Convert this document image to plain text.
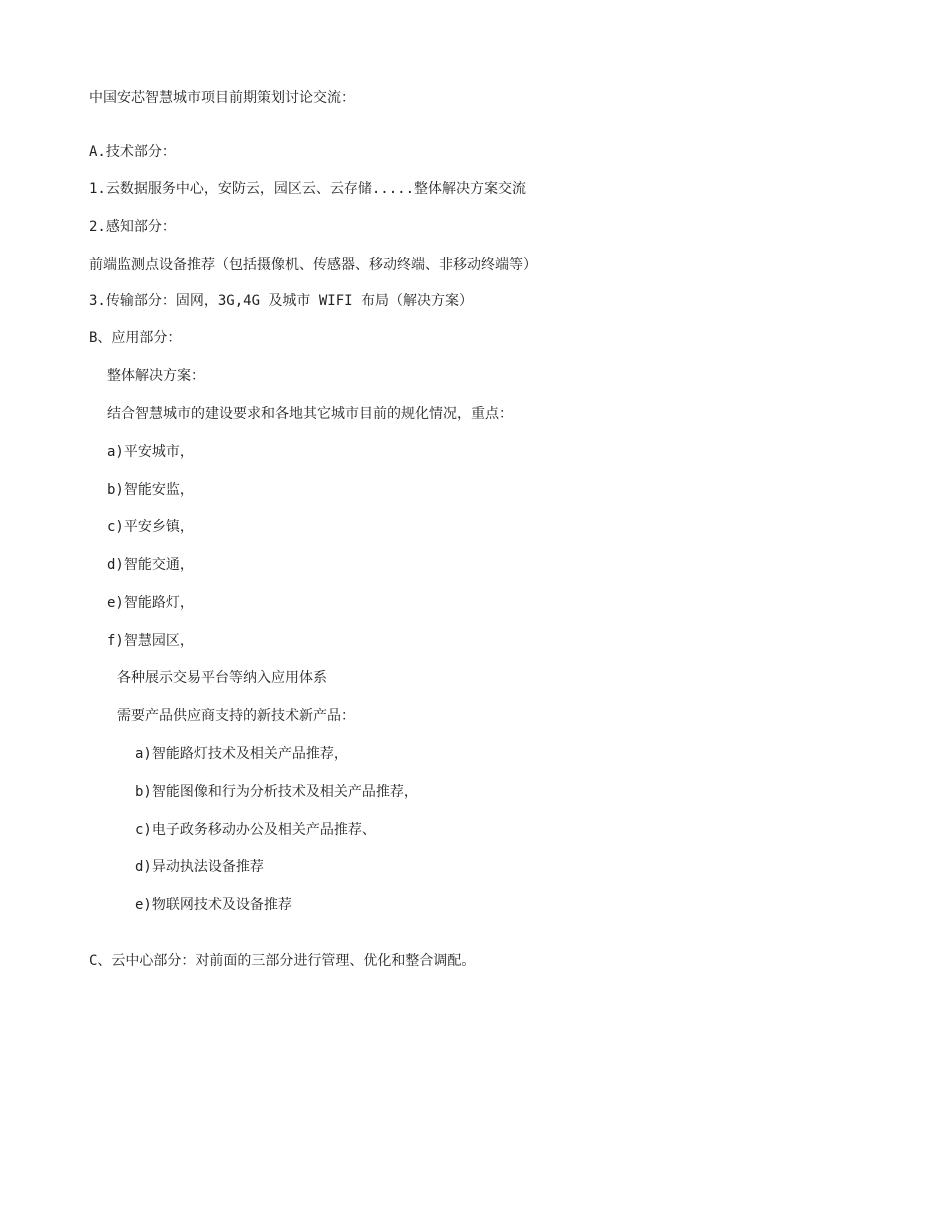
中国安芯智慧城市项目前期策划讨论交流：
A.技术部分：
1.云数据服务中心，安防云，园区云、云存储.....整体解决方案交流
2.感知部分：
前端监测点设备推荐（包括摄像机、传感器、移动终端、非移动终端等）
3.传输部分：固网，3G,4G 及城市 WIFI 布局（解决方案）
B、应用部分：
整体解决方案：
结合智慧城市的建设要求和各地其它城市目前的规化情况，重点：
a)平安城市，
b)智能安监，
c)平安乡镇，
d)智能交通，
e)智能路灯，
f)智慧园区，
各种展示交易平台等纳入应用体系
需要产品供应商支持的新技术新产品：
a)智能路灯技术及相关产品推荐，
b)智能图像和行为分析技术及相关产品推荐，
c)电子政务移动办公及相关产品推荐、
d)异动执法设备推荐
e)物联网技术及设备推荐
C、云中心部分：对前面的三部分进行管理、优化和整合调配。
